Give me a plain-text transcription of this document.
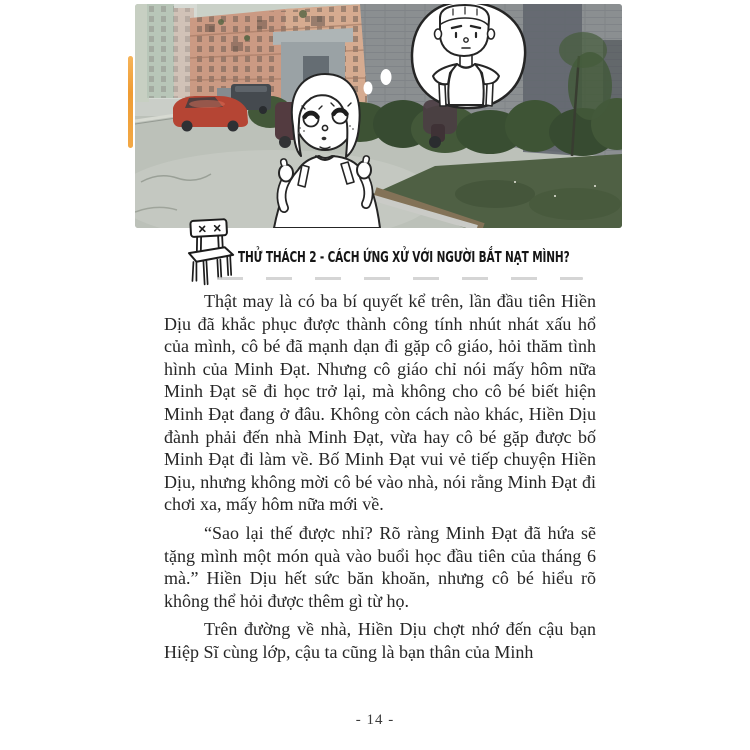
THỬ THÁCH 2 - CÁCH ỨNG XỬ VỚI NGƯỜI BẮT NẠT MÌNH?

Thật may là có ba bí quyết kể trên, lần đầu tiên Hiền Dịu đã khắc phục được thành công tính nhút nhát xấu hổ của mình, cô bé đã mạnh dạn đi gặp cô giáo, hỏi thăm tình hình của Minh Đạt. Nhưng cô giáo chỉ nói mấy hôm nữa Minh Đạt sẽ đi học trở lại, mà không cho cô bé biết hiện Minh Đạt đang ở đâu. Không còn cách nào khác, Hiền Dịu đành phải đến nhà Minh Đạt, vừa hay cô bé gặp được bố Minh Đạt đi làm về. Bố Minh Đạt vui vẻ tiếp chuyện Hiền Dịu, nhưng không mời cô bé vào nhà, nói rằng Minh Đạt đi chơi xa, mấy hôm nữa mới về.

“Sao lại thế được nhỉ? Rõ ràng Minh Đạt đã hứa sẽ tặng mình một món quà vào buổi học đầu tiên của tháng 6 mà.” Hiền Dịu hết sức băn khoăn, nhưng cô bé hiểu rõ không thể hỏi được thêm gì từ họ.

Trên đường về nhà, Hiền Dịu chợt nhớ đến cậu bạn Hiệp Sĩ cùng lớp, cậu ta cũng là bạn thân của Minh

- 14 -
